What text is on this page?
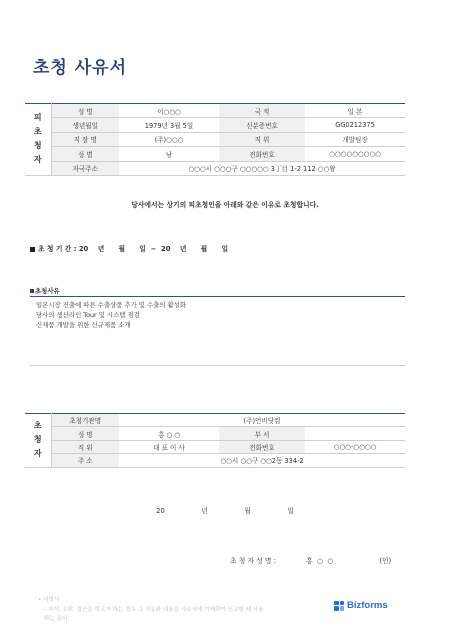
초청 사유서
피
초
청
자	성 명	이○○○	국 적	일 본
	생년월일	1979년 3월 5일	신분증번호	GG0212375
	직 장 명	(주)○○○	직 위	개발팀장
	성 별	남	전화번호	○○○○○○○○○
	자국주소	○○○시 ○○○구 ○○○○○ 3丁目 1-2 112 ○○왕		
당사에서는 상기의 피초청인을 아래와 같은 이유로 초청합니다.
초 청 기 간 : 20    년      월      일  ~  20    년      월      일
초청사유
일본시장 진출에 따른 수출상품 추가 및 수출의 활성화
당사의 생산라인 Tour 및 시스템 점검
신제품 개발을 위한 신규제품 소개
초
청
자	초청기관명	(주)언비닷컴		
	성 명	홍 ○ ○	부 서	
	직 위	대 표 이 사	전화번호	○○○-○○○○
	주 소	○○시 ○○구 ○○2동 334-2		
20   년   월   일
초 청 자 성 명 :	홍  ○  ○	(인)
• 서명서
- 지각, 조퇴, 결근을 하고자 하는 경우 그 사유와 내용을 사유서에 기재하여 신고할 때 사용
하는 문서.
Bizforms
